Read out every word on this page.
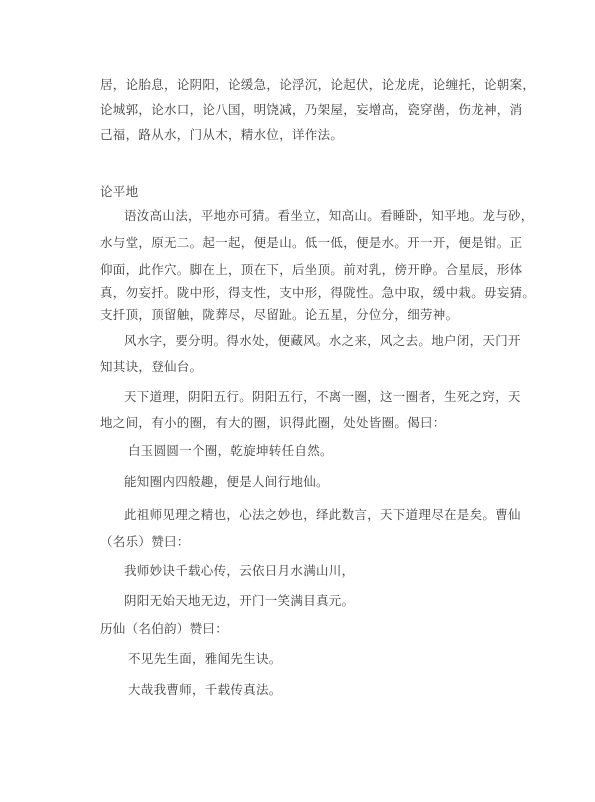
居，论胎息，论阴阳，论缓急，论浮沉，论起伏，论龙虎，论缠托，论朝案，
论城郭，论水口，论八国，明饶减，乃架屋，妄增高，瓷穿凿，伤龙神，消
己福，路从水，门从木，精水位，详作法。
论平地
语汝高山法，平地亦可猜。看坐立，知高山。看睡卧，知平地。龙与砂，
水与堂，原无二。起一起，便是山。低一低，便是水。开一开，便是钳。正
仰面，此作穴。脚在上，顶在下，后坐顶。前对乳，傍开睁。合星辰，形体
真，勿妄扦。陇中形，得支性，支中形，得陇性。急中取，缓中栽。毋妄猜。
支扦顶，顶留触，陇葬尽，尽留趾。论五星，分位分，细劳神。
风水字，要分明。得水处，便藏风。水之来，风之去。地户闭，天门开
知其诀，登仙台。
天下道理，阴阳五行。阴阳五行，不离一圈，这一圈者，生死之窍，天
地之间，有小的圈，有大的圈，识得此圈，处处皆圈。偈曰：
白玉圆圆一个圈，乾旋坤转任自然。
能知圈内四般趣，便是人间行地仙。
此祖师见理之精也，心法之妙也，绎此数言，天下道理尽在是矣。曹仙
（名乐）赞曰：
我师妙诀千载心传，云依日月水满山川，
阴阳无始天地无边，开门一笑满目真元。
历仙（名伯韵）赞曰：
不见先生面，雅闻先生诀。
大哉我曹师，千载传真法。
